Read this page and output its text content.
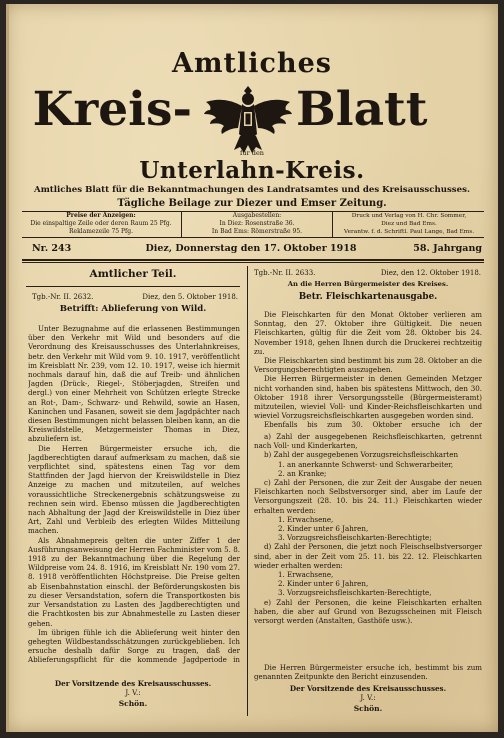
Amtliches
Kreis- Blatt
für den
Unterlahn-Kreis.
Amtliches Blatt für die Bekanntmachungen des Landratsamtes und des Kreisausschusses.
Tägliche Beilage zur Diezer und Emser Zeitung.
Preise der Anzeigen:
Die einspaltige Zeile oder deren Raum 25 Pfg.
Reklamezeile 75 Pfg.
Ausgabestellen:
In Diez: Rosenstraße 36.
In Bad Ems: Römerstraße 95.
Druck und Verlag von H. Chr. Sommer,
Diez und Bad Ems.
Verantw. f. d. Schriftl. Paul Lange, Bad Ems.
Nr. 243	Diez, Donnerstag den 17. Oktober 1918	58. Jahrgang
Amtlicher Teil.
Tgb.-Nr. II. 2632.	Diez, den 5. Oktober 1918.
Betrifft: Ablieferung von Wild.

Unter Bezugnahme auf die erlassenen Bestimmungen über den Verkehr mit Wild und besonders auf die Verordnung des Kreisausschusses des Unterlahnkreises, betr. den Verkehr mit Wild vom 9. 10. 1917, veröffentlicht im Kreisblatt Nr. 239, vom 12. 10. 1917, weise ich hiermit nochmals darauf hin, daß die auf Treib- und ähnlichen Jagden (Drück-, Riegel-, Stöberjagden, Streifen und dergl.) von einer Mehrheit von Schützen erlegte Strecke an Rot-, Dam-, Schwarz- und Rehwild, sowie an Hasen, Kaninchen und Fasanen, soweit sie dem Jagdpächter nach diesen Bestimmungen nicht belassen bleiben kann, an die Kreiswildstelle, Metzgermeister Thomas in Diez, abzuliefern ist.

Die Herren Bürgermeister ersuche ich, die Jagdberechtigten darauf aufmerksam zu machen, daß sie verpflichtet sind, spätestens einen Tag vor dem Stattfinden der Jagd hiervon der Kreiswildstelle in Diez Anzeige zu machen und mitzuteilen, auf welches voraussichtliche Streckenergebnis schätzungsweise zu rechnen sein wird. Ebenso müssen die Jagdberechtigten nach Abhaltung der Jagd der Kreiswildstelle in Diez über Art, Zahl und Verbleib des erlegten Wildes Mitteilung machen.

Als Abnahmepreis gelten die unter Ziffer 1 der Ausführungsanweisung der Herren Fachminister vom 5. 8. 1918 zu der Bekanntmachung über die Regelung der Wildpreise vom 24. 8. 1916, im Kreisblatt Nr. 190 vom 27. 8. 1918 veröffentlichten Höchstpreise. Die Preise gelten ab Eisenbahnstation einschl. der Beförderungskosten bis zu dieser Versandstation, sofern die Transportkosten bis zur Versandstation zu Lasten des Jagdberechtigten und die Frachtkosten bis zur Abnahmestelle zu Lasten dieser gehen.

Im übrigen fühle ich die Ablieferung weit hinter den gehegten Wildbestandsschätzungen zurückgeblieben. Ich ersuche deshalb dafür Sorge zu tragen, daß der Ablieferungspflicht für die kommende Jagdperiode in

Der Vorsitzende des Kreisausschusses.
J. V.:
Schön.
Tgb.-Nr. II. 2633.	Diez, den 12. Oktober 1918.
An die Herren Bürgermeister des Kreises.
Betr. Fleischkartenausgabe.

Die Fleischkarten für den Monat Oktober verlieren am Sonntag, den 27. Oktober ihre Gültigkeit. Die neuen Fleischkarten, gültig für die Zeit vom 28. Oktober bis 24. November 1918, gehen Ihnen durch die Druckerei rechtzeitig zu.

Die Fleischkarten sind bestimmt bis zum 28. Oktober an die Versorgungsberechtigten auszugeben.

Die Herren Bürgermeister in denen Gemeinden Metzger nicht vorhanden sind, haben bis spätestens Mittwoch, den 30. Oktober 1918 ihrer Versorgungsstelle (Bürgermeisteramt) mitzuteilen, wieviel Voll- und Kinder-Reichsfleischkarten und wieviel Vorzugsreichsfleischkarten ausgegeben worden sind.

Ebenfalls bis zum 30. Oktober ersuche ich der

a) Zahl der ausgegebenen Reichsfleischkarten, getrennt nach Voll- und Kinderkarten,

b) Zahl der ausgegebenen Vorzugsreichsfleischkarten

1. an anerkannte Schwerst- und Schwerarbeiter,

2. an Kranke;

c) Zahl der Personen, die zur Zeit der Ausgabe der neuen Fleischkarten noch Selbstversorger sind, aber im Laufe der Versorgungszeit (28. 10. bis 24. 11.) Fleischkarten wieder erhalten werden:

1. Erwachsene,

2. Kinder unter 6 Jahren,

3. Vorzugsreichsfleischkarten-Berechtigte;

d) Zahl der Personen, die jetzt noch Fleischselbstversorger sind, aber in der Zeit vom 25. 11. bis 22. 12. Fleischkarten wieder erhalten werden:

1. Erwachsene,

2. Kinder unter 6 Jahren,

3. Vorzugsreichsfleischkarten-Berechtigte,

e) Zahl der Personen, die keine Fleischkarten erhalten haben, die aber auf Grund von Bezugsscheinen mit Fleisch versorgt werden (Anstalten, Gasthöfe usw.).

Die Herren Bürgermeister ersuche ich, bestimmt bis zum genannten Zeitpunkte den Bericht einzusenden.

Der Vorsitzende des Kreisausschusses.
J. V.:
Schön.
